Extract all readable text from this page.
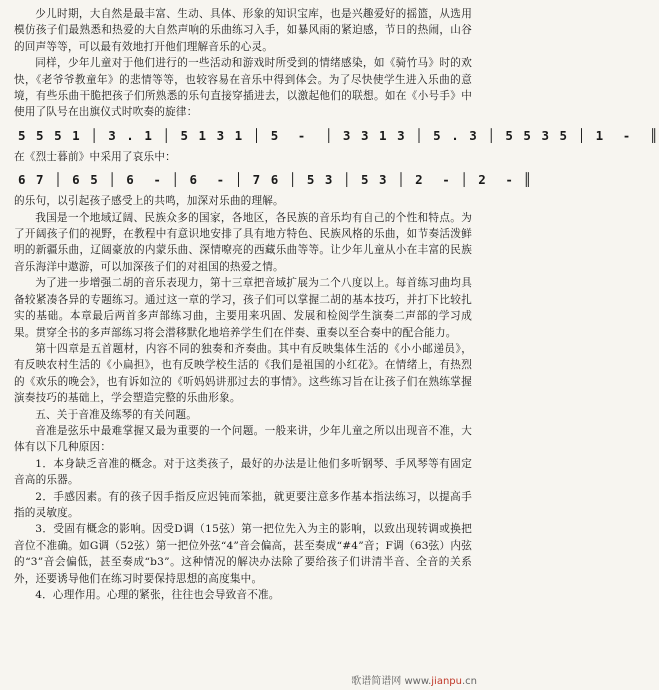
少儿时期，大自然是最丰富、生动、具体、形象的知识宝库，也是兴趣爱好的摇篮，从选用模仿孩子们最熟悉和热爱的大自然声响的乐曲练习入手，如暴风雨的紧迫感，节日的热闹，山谷的回声等等，可以最有效地打开他们理解音乐的心灵。

同样，少年儿童对于他们进行的一些活动和游戏时所受到的情绪感染，如《骑竹马》时的欢快，《老爷爷教童年》的悲情等等，也较容易在音乐中得到体会。为了尽快使学生进入乐曲的意境，有些乐曲干脆把孩子们所熟悉的乐句直接穿插进去，以激起他们的联想。如在《小号手》中使用了队号在出旗仪式时吹奏的旋律：

5 5 5 1 │ 3 . 1 │ 5 1 3 1 │ 5  -  │ 3 3 1 3 │ 5 . 3 │ 5 5 3 5 │ 1  -  ║

在《烈士暮前》中采用了哀乐中：

6 7 │ 6 5 │ 6  - │ 6  - │ 7 6 │ 5 3 │ 5 3 │ 2  - │ 2  - ║

的乐句，以引起孩子感受上的共鸣，加深对乐曲的理解。

我国是一个地域辽阔、民族众多的国家，各地区，各民族的音乐均有自己的个性和特点。为了开阔孩子们的视野，在教程中有意识地安排了具有地方特色、民族风格的乐曲，如节奏活泼鲜明的新疆乐曲，辽阔豪放的内蒙乐曲、深情嘹亮的西藏乐曲等等。让少年儿童从小在丰富的民族音乐海洋中遨游，可以加深孩子们的对祖国的热爱之情。

为了进一步增强二胡的音乐表现力，第十三章把音域扩展为二个八度以上。每首练习曲均具备较紧凑各异的专题练习。通过这一章的学习，孩子们可以掌握二胡的基本技巧，并打下比较扎实的基础。本章最后两首多声部练习曲，主要用来巩固、发展和检阅学生演奏二声部的学习成果。贯穿全书的多声部练习将会潜移默化地培养学生们在伴奏、重奏以至合奏中的配合能力。

第十四章是五首题材，内容不同的独奏和齐奏曲。其中有反映集体生活的《小小邮递员》，有反映农村生活的《小扁担》，也有反映学校生活的《我们是祖国的小红花》。在情绪上，有热烈的《欢乐的晚会》，也有诉如泣的《听妈妈讲那过去的事情》。这些练习旨在让孩子们在熟练掌握演奏技巧的基础上，学会塑造完整的乐曲形象。

五、关于音准及练琴的有关问题。

音准是弦乐中最难掌握又最为重要的一个问题。一般来讲，少年儿童之所以出现音不准，大体有以下几种原因：

1．本身缺乏音准的概念。对于这类孩子，最好的办法是让他们多听钢琴、手风琴等有固定音高的乐器。

2．手感因素。有的孩子因手指反应迟钝而笨拙，就更要注意多作基本指法练习，以提高手指的灵敏度。

3．受固有概念的影响。因受D调（15弦）第一把位先入为主的影响，以致出现转调或换把音位不准确。如G调（52弦）第一把位外弦“4”音会偏高，甚至奏成“#4”音；F调（63弦）内弦的“3”音会偏低，甚至奏成“b3”。这种情况的解决办法除了要给孩子们讲清半音、全音的关系外，还要诱导他们在练习时要保持思想的高度集中。

4．心理作用。心理的紧张，往往也会导致音不准。

歌谱简谱网 www.jianpu.cn
